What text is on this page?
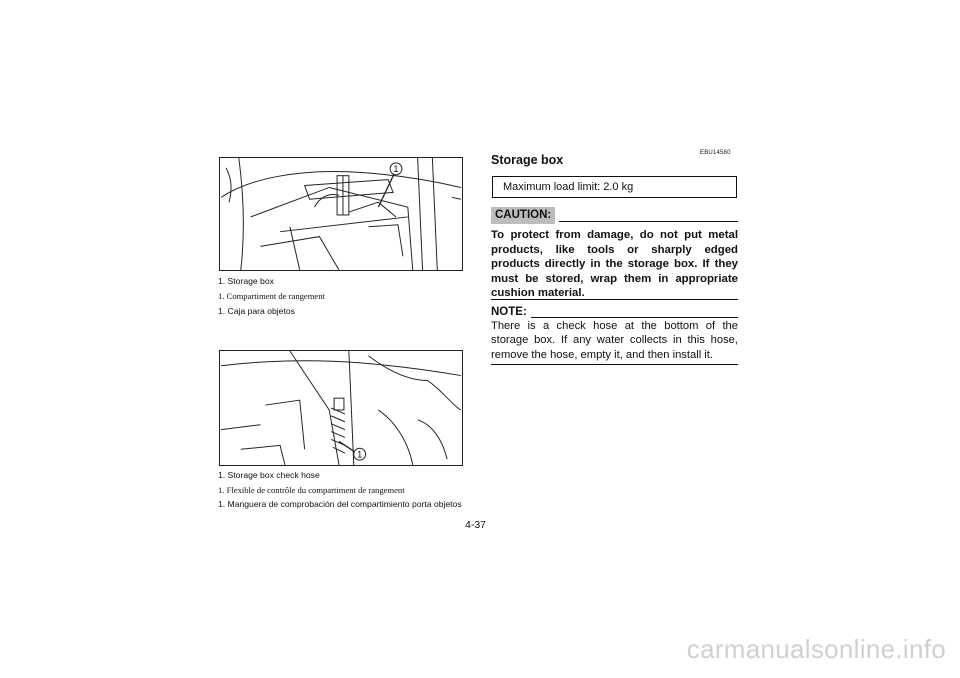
1
1. Storage box
1. Compartiment de rangement
1. Caja para objetos
1
1. Storage box check hose
1. Flexible de contrôle du compartiment de rangement
1. Manguera de comprobación del compartimiento porta objetos
EBU14580
Storage box
Maximum load limit: 2.0 kg
CAUTION:
To protect from damage, do not put metal products, like tools or sharply edged products directly in the storage box. If they must be stored, wrap them in appropriate cushion material.
NOTE:
There is a check hose at the bottom of the storage box. If any water collects in this hose, remove the hose, empty it, and then install it.
4-37
carmanualsonline.info
